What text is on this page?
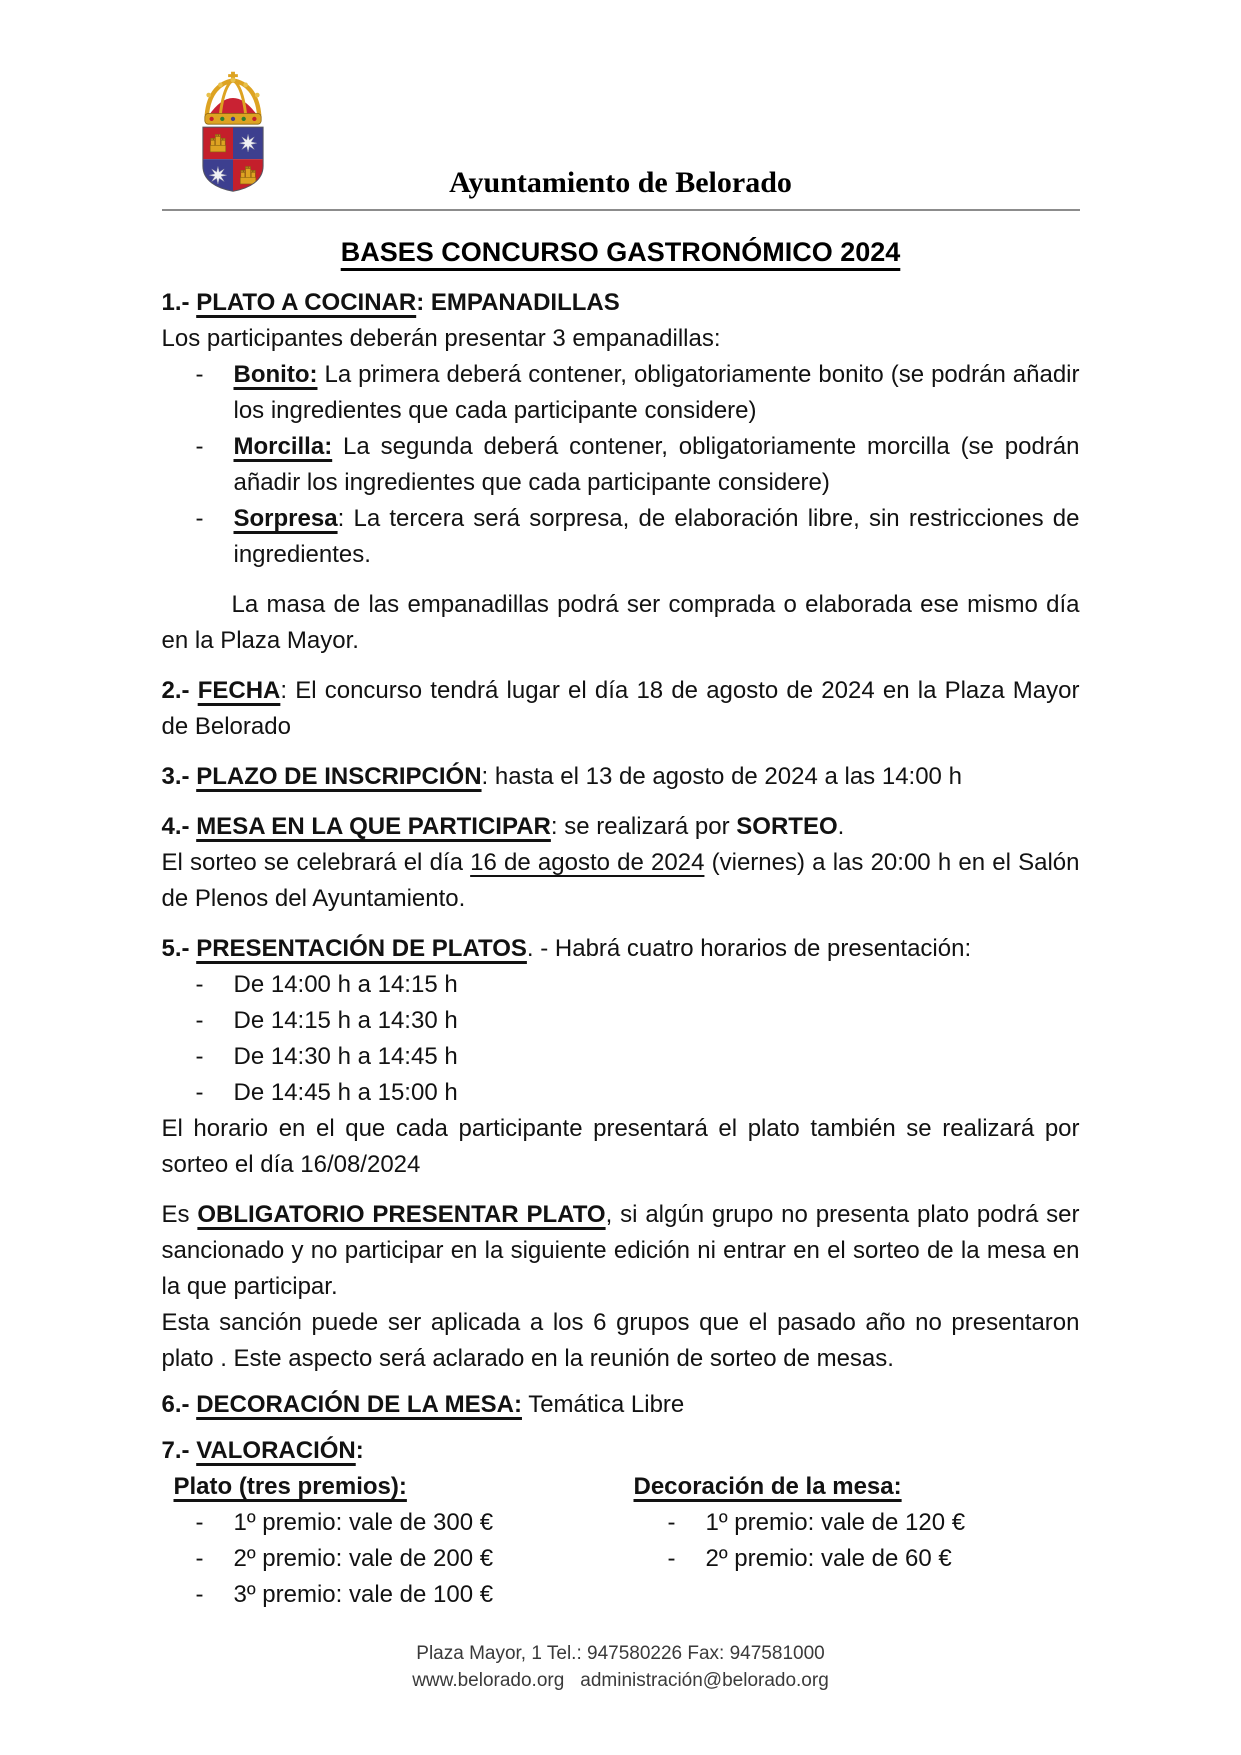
Ayuntamiento de Belorado
BASES CONCURSO GASTRONÓMICO 2024

1.- PLATO A COCINAR: EMPANADILLAS

Los participantes deberán presentar 3 empanadillas:

-	Bonito: La primera deberá contener, obligatoriamente bonito (se podrán añadir los ingredientes que cada participante considere)
-	Morcilla: La segunda deberá contener, obligatoriamente morcilla (se podrán añadir los ingredientes que cada participante considere)
-	Sorpresa: La tercera será sorpresa, de elaboración libre, sin restricciones de ingredientes.

La masa de las empanadillas podrá ser comprada o elaborada ese mismo día en la Plaza Mayor.

2.- FECHA: El concurso tendrá lugar el día 18 de agosto de 2024 en la Plaza Mayor de Belorado

3.- PLAZO DE INSCRIPCIÓN: hasta el 13 de agosto de 2024 a las 14:00 h

4.- MESA EN LA QUE PARTICIPAR: se realizará por SORTEO.

El sorteo se celebrará el día 16 de agosto de 2024 (viernes) a las 20:00 h en el Salón de Plenos del Ayuntamiento.

5.- PRESENTACIÓN DE PLATOS. - Habrá cuatro horarios de presentación:

-	De 14:00 h a 14:15 h
-	De 14:15 h a 14:30 h
-	De 14:30 h a 14:45 h
-	De 14:45 h a 15:00 h

El horario en el que cada participante presentará el plato también se realizará por sorteo el día 16/08/2024

Es OBLIGATORIO PRESENTAR PLATO, si algún grupo no presenta plato podrá ser sancionado y no participar en la siguiente edición ni entrar en el sorteo de la mesa en la que participar.

Esta sanción puede ser aplicada a los 6 grupos que el pasado año no presentaron plato . Este aspecto será aclarado en la reunión de sorteo de mesas.

6.- DECORACIÓN DE LA MESA: Temática Libre

7.- VALORACIÓN:

Plato (tres premios):

-	1º premio: vale de 300 €
-	2º premio: vale de 200 €
-	3º premio: vale de 100 €

Decoración de la mesa:

-	1º premio: vale de 120 €
-	2º premio: vale de 60 €
Plaza Mayor, 1 Tel.: 947580226 Fax: 947581000
www.belorado.org administración@belorado.org
